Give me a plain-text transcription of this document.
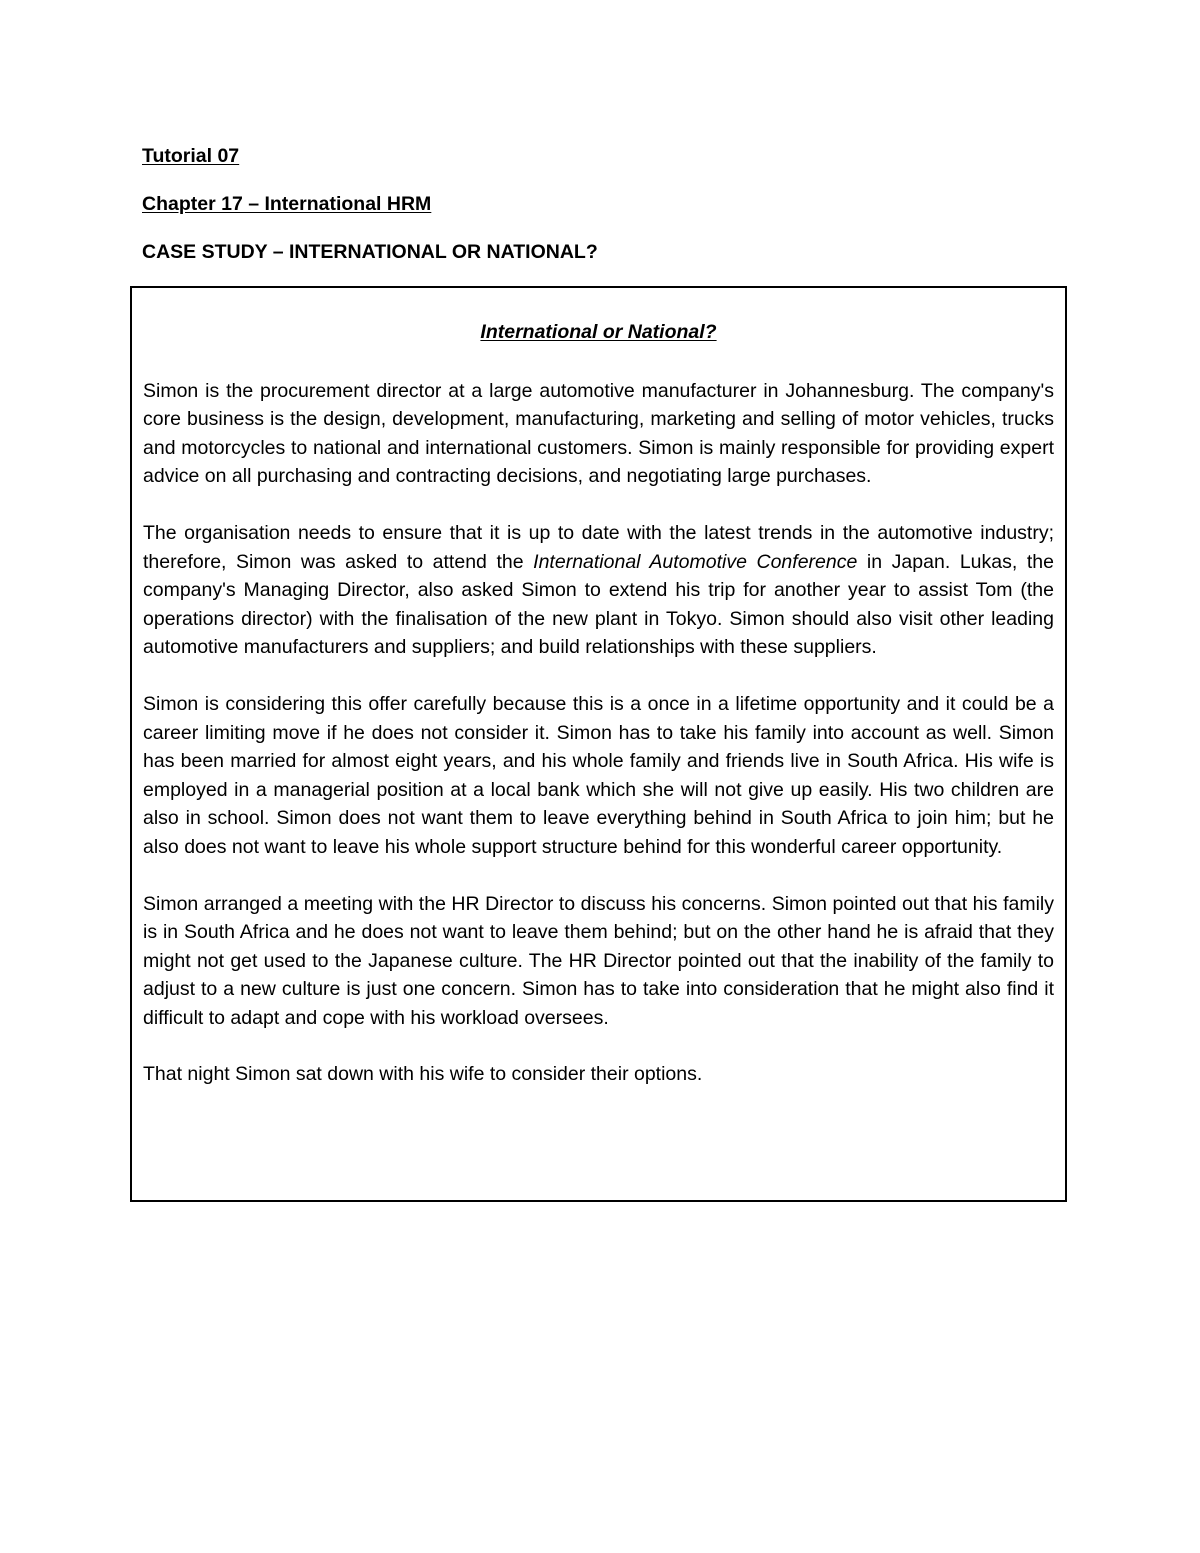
Tutorial 07
Chapter 17 – International HRM
CASE STUDY – INTERNATIONAL OR NATIONAL?
International or National?

Simon is the procurement director at a large automotive manufacturer in Johannesburg. The company's core business is the design, development, manufacturing, marketing and selling of motor vehicles, trucks and motorcycles to national and international customers. Simon is mainly responsible for providing expert advice on all purchasing and contracting decisions, and negotiating large purchases.

The organisation needs to ensure that it is up to date with the latest trends in the automotive industry; therefore, Simon was asked to attend the International Automotive Conference in Japan. Lukas, the company's Managing Director, also asked Simon to extend his trip for another year to assist Tom (the operations director) with the finalisation of the new plant in Tokyo. Simon should also visit other leading automotive manufacturers and suppliers; and build relationships with these suppliers.

Simon is considering this offer carefully because this is a once in a lifetime opportunity and it could be a career limiting move if he does not consider it. Simon has to take his family into account as well. Simon has been married for almost eight years, and his whole family and friends live in South Africa. His wife is employed in a managerial position at a local bank which she will not give up easily. His two children are also in school. Simon does not want them to leave everything behind in South Africa to join him; but he also does not want to leave his whole support structure behind for this wonderful career opportunity.

Simon arranged a meeting with the HR Director to discuss his concerns. Simon pointed out that his family is in South Africa and he does not want to leave them behind; but on the other hand he is afraid that they might not get used to the Japanese culture. The HR Director pointed out that the inability of the family to adjust to a new culture is just one concern. Simon has to take into consideration that he might also find it difficult to adapt and cope with his workload oversees.

That night Simon sat down with his wife to consider their options.
